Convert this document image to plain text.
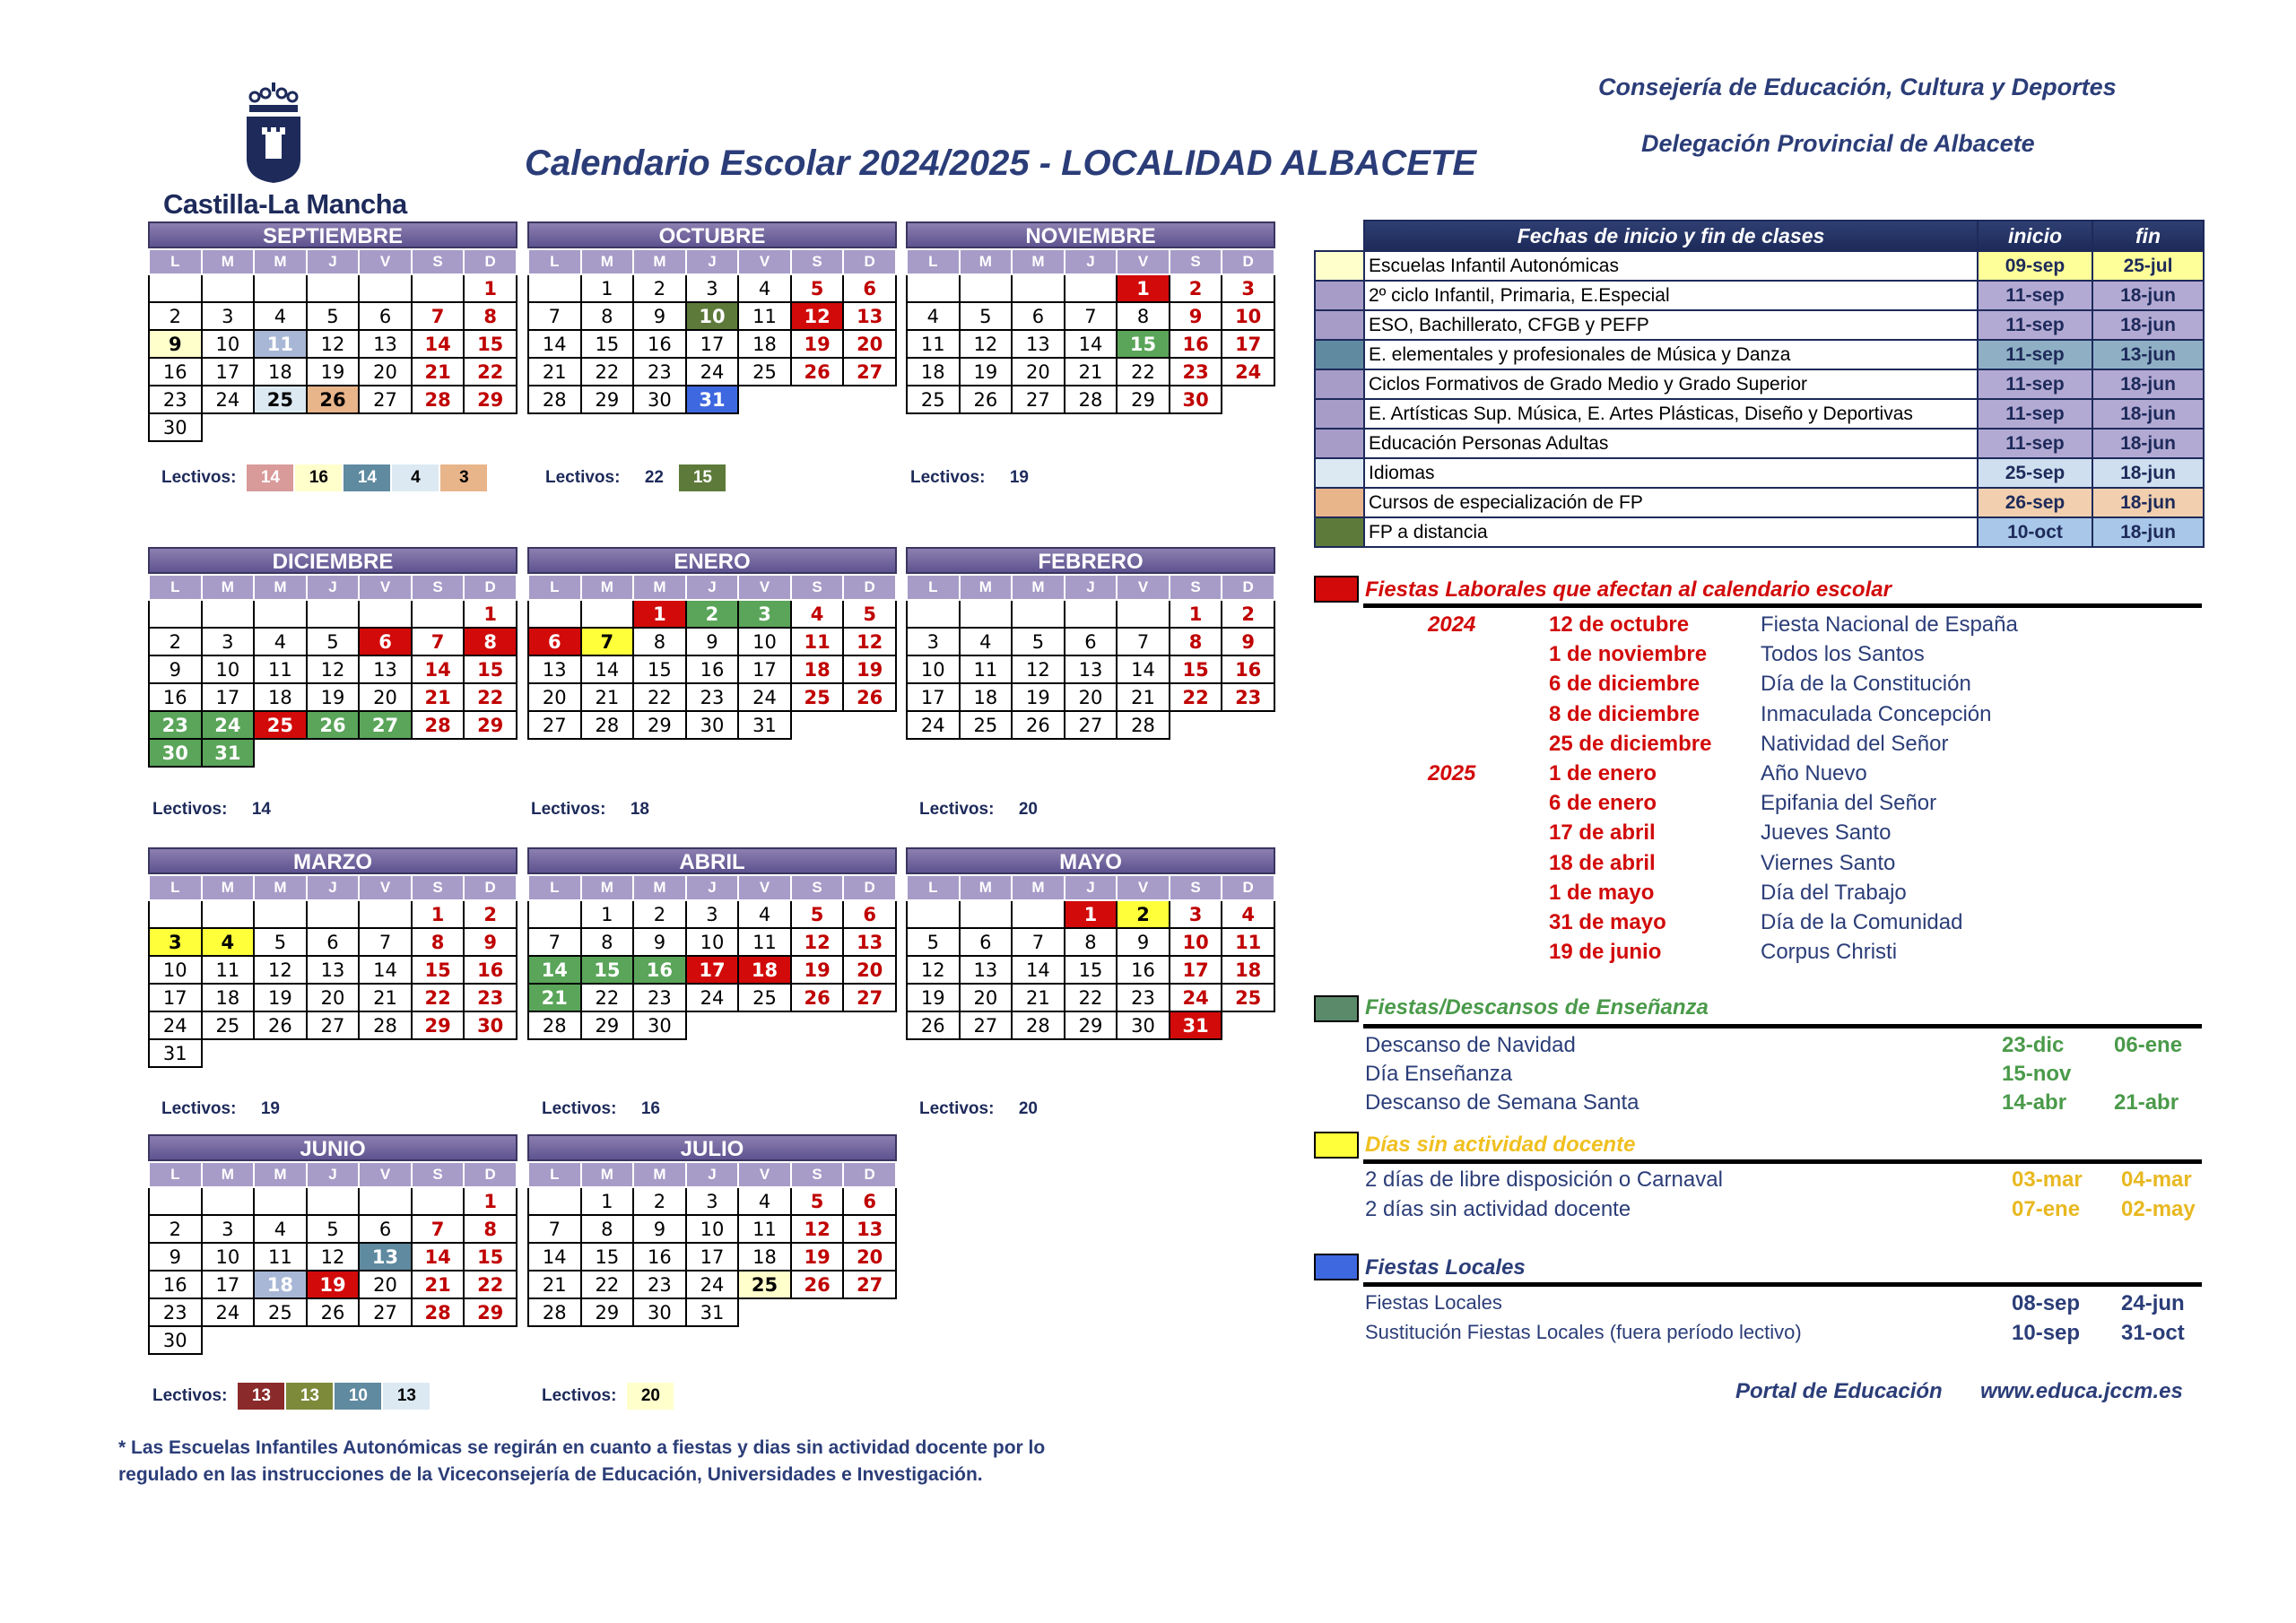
Castilla-La Mancha
Calendario Escolar 2024/2025 - LOCALIDAD ALBACETE
Consejería de Educación, Cultura y Deportes
Delegación Provincial de Albacete
SEPTIEMBRE
L	M	M	J	V	S	D
						1
2	3	4	5	6	7	8
9	10	11	12	13	14	15
16	17	18	19	20	21	22
23	24	25	26	27	28	29
30						
Lectivos: 14 16 14 4 3
OCTUBRE
L	M	M	J	V	S	D
	1	2	3	4	5	6
7	8	9	10	11	12	13
14	15	16	17	18	19	20
21	22	23	24	25	26	27
28	29	30	31			
Lectivos: 22 15
NOVIEMBRE
L	M	M	J	V	S	D
				1	2	3
4	5	6	7	8	9	10
11	12	13	14	15	16	17
18	19	20	21	22	23	24
25	26	27	28	29	30	
Lectivos: 19
DICIEMBRE
L	M	M	J	V	S	D
						1
2	3	4	5	6	7	8
9	10	11	12	13	14	15
16	17	18	19	20	21	22
23	24	25	26	27	28	29
30	31					
Lectivos: 14
ENERO
L	M	M	J	V	S	D
		1	2	3	4	5
6	7	8	9	10	11	12
13	14	15	16	17	18	19
20	21	22	23	24	25	26
27	28	29	30	31		
Lectivos: 18
FEBRERO
L	M	M	J	V	S	D
					1	2
3	4	5	6	7	8	9
10	11	12	13	14	15	16
17	18	19	20	21	22	23
24	25	26	27	28		
Lectivos: 20
MARZO
L	M	M	J	V	S	D
					1	2
3	4	5	6	7	8	9
10	11	12	13	14	15	16
17	18	19	20	21	22	23
24	25	26	27	28	29	30
31						
Lectivos: 19
ABRIL
L	M	M	J	V	S	D
	1	2	3	4	5	6
7	8	9	10	11	12	13
14	15	16	17	18	19	20
21	22	23	24	25	26	27
28	29	30				
Lectivos: 16
MAYO
L	M	M	J	V	S	D
			1	2	3	4
5	6	7	8	9	10	11
12	13	14	15	16	17	18
19	20	21	22	23	24	25
26	27	28	29	30	31	
Lectivos: 20
JUNIO
L	M	M	J	V	S	D
						1
2	3	4	5	6	7	8
9	10	11	12	13	14	15
16	17	18	19	20	21	22
23	24	25	26	27	28	29
30						
Lectivos: 13 13 10 13
JULIO
L	M	M	J	V	S	D
	1	2	3	4	5	6
7	8	9	10	11	12	13
14	15	16	17	18	19	20
21	22	23	24	25	26	27
28	29	30	31			
Lectivos: 20
	Fechas de inicio y fin de clases	inicio	fin
	Escuelas Infantil Autonómicas	09-sep	25-jul
	2º ciclo Infantil, Primaria, E.Especial	11-sep	18-jun
	ESO, Bachillerato, CFGB y PEFP	11-sep	18-jun
	E. elementales y profesionales de Música y Danza	11-sep	13-jun
	Ciclos Formativos de Grado Medio y Grado Superior	11-sep	18-jun
	E. Artísticas Sup. Música, E. Artes Plásticas, Diseño y Deportivas	11-sep	18-jun
	Educación Personas Adultas	11-sep	18-jun
	Idiomas	25-sep	18-jun
	Cursos de especialización de FP	26-sep	18-jun
	FP a distancia	10-oct	18-jun
Fiestas Laborales que afectan al calendario escolar
2024	12 de octubre	Fiesta Nacional de España
1 de noviembre Todos los Santos
6 de diciembre	Día de la Constitución
8 de diciembre	Inmaculada Concepción
25 de diciembre Natividad del Señor
2025	1 de enero	Año Nuevo
6 de enero	Epifania del Señor
17 de abril	Jueves Santo
18 de abril	Viernes Santo
1 de mayo	Día del Trabajo
31 de mayo	Día de la Comunidad
19 de junio	Corpus Christi
Fiestas/Descansos de Enseñanza
Descanso de Navidad	23-dic 06-ene
Día Enseñanza	15-nov
Descanso de Semana Santa	14-abr 21-abr
Días sin actividad docente
2 días de libre disposición o Carnaval	03-mar 04-mar
2 días sin actividad docente	07-ene 02-may
Fiestas Locales
Fiestas Locales	08-sep 24-jun
Sustitución Fiestas Locales (fuera período lectivo)	10-sep 31-oct
Portal de Educación www.educa.jccm.es
* Las Escuelas Infantiles Autonómicas se regirán en cuanto a fiestas y dias sin actividad docente por lo
regulado en las instrucciones de la Viceconsejería de Educación, Universidades e Investigación.
